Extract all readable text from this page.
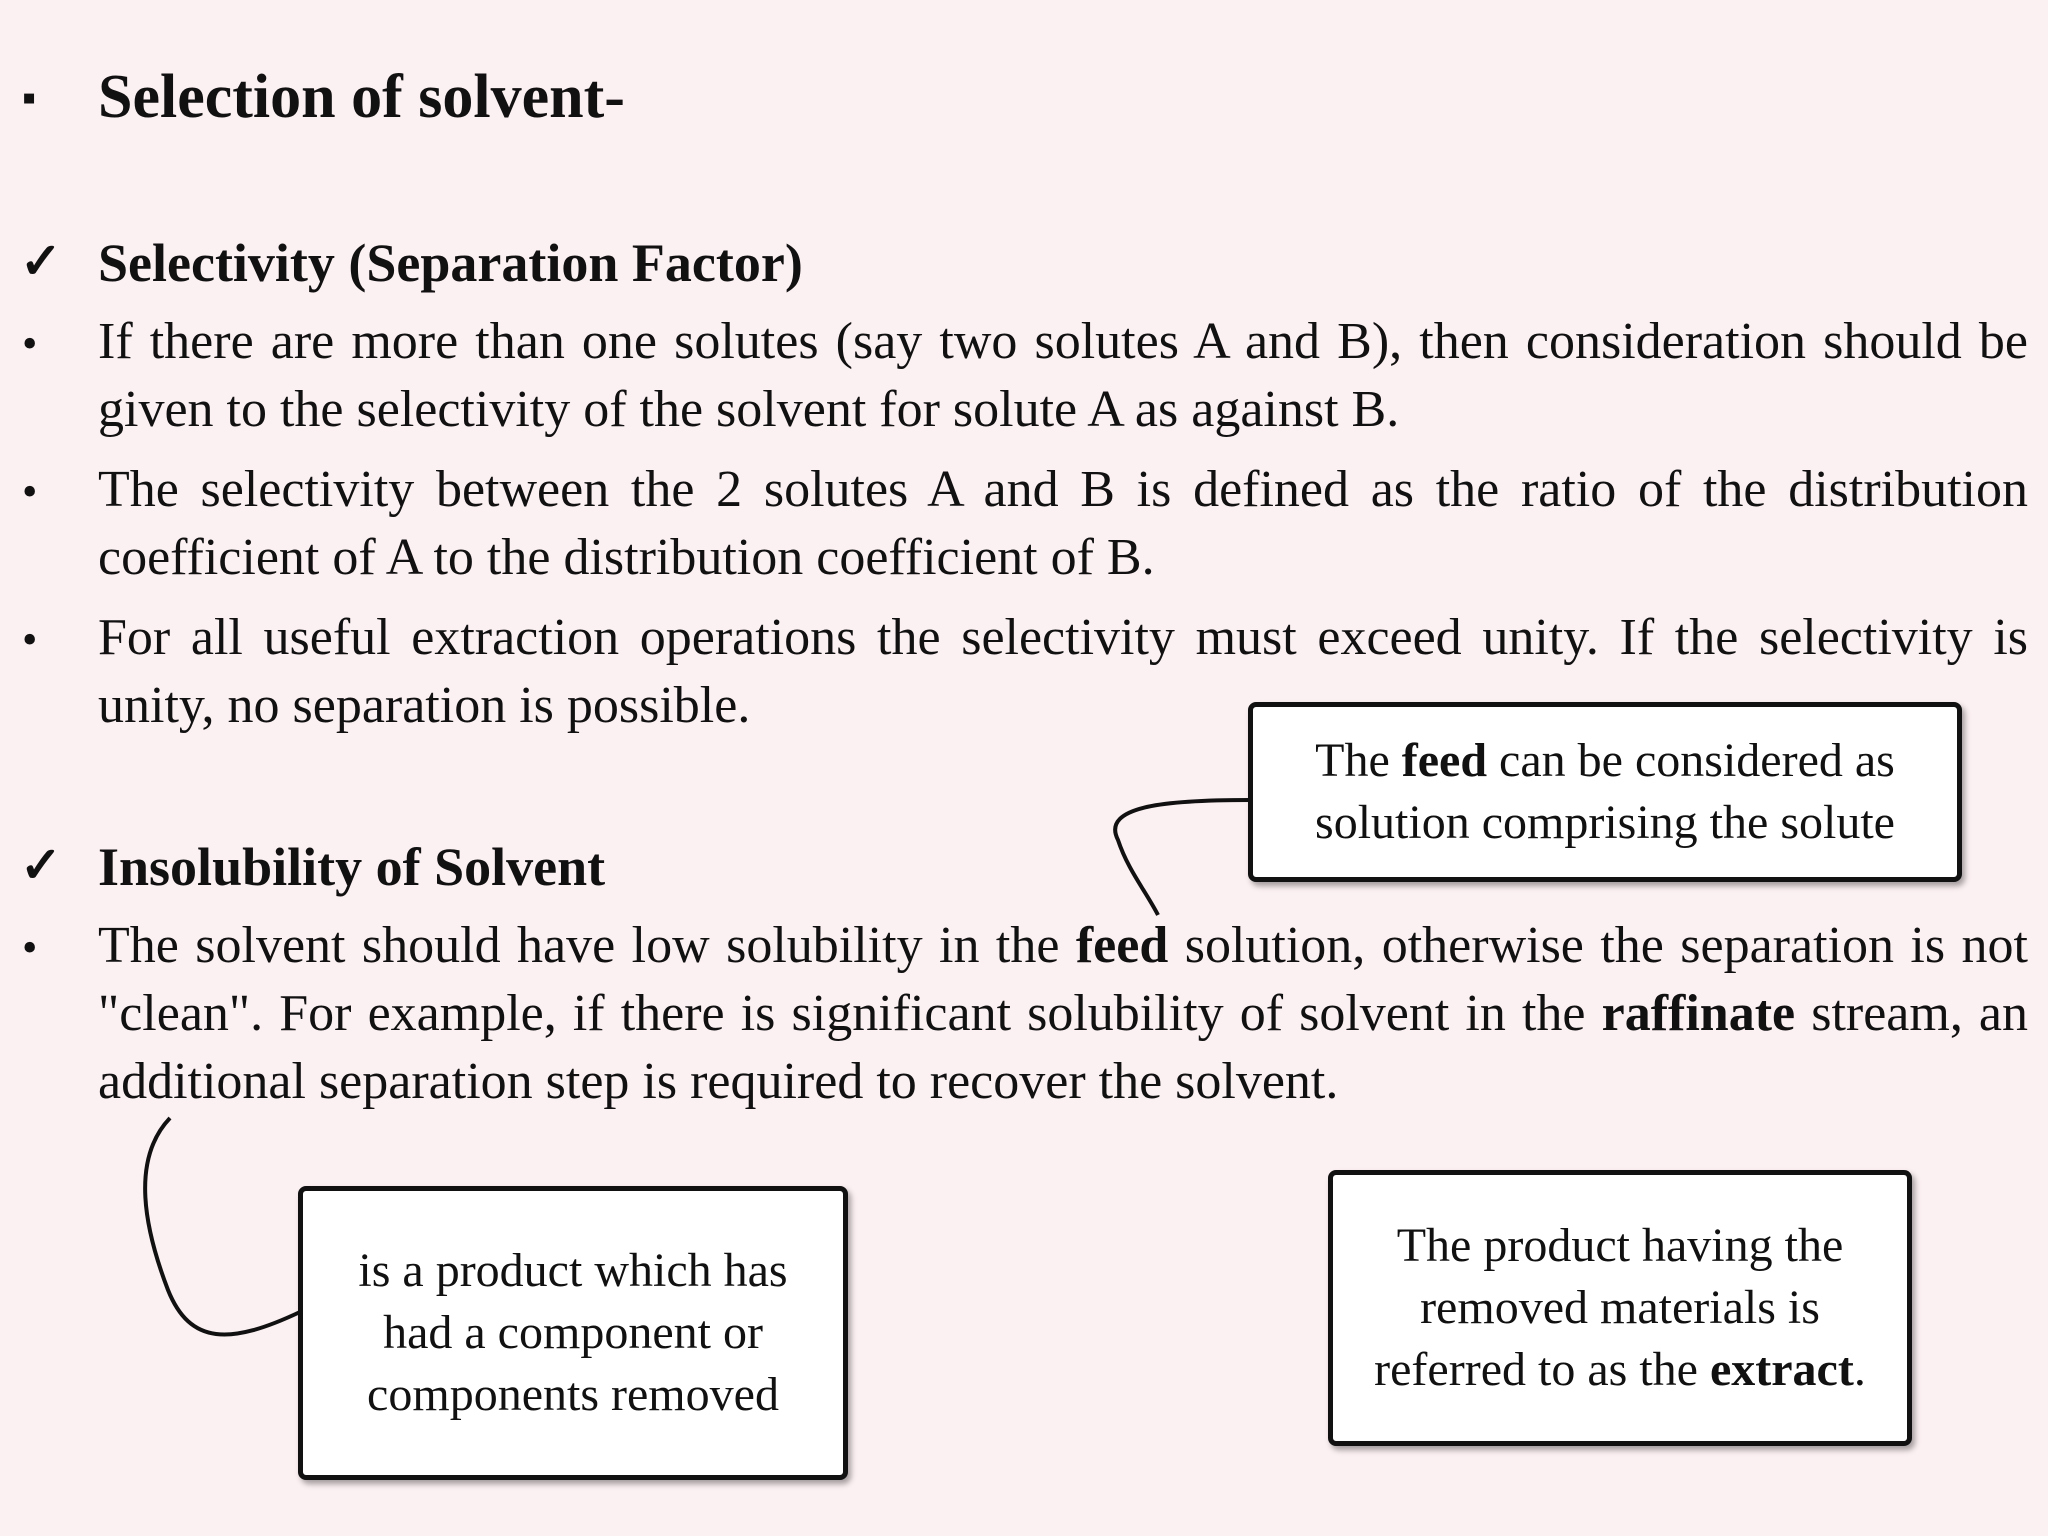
▪ Selection of solvent-
✓ Selectivity (Separation Factor)
• If there are more than one solutes (say two solutes A and B), then consideration should be given to the selectivity of the solvent for solute A as against B.
• The selectivity between the 2 solutes A and B is defined as the ratio of the distribution coefficient of A to the distribution coefficient of B.
• For all useful extraction operations the selectivity must exceed unity. If the selectivity is unity, no separation is possible.
✓ Insolubility of Solvent
• The solvent should have low solubility in the feed solution, otherwise the separation is not "clean". For example, if there is significant solubility of solvent in the raffinate stream, an additional separation step is required to recover the solvent.
The feed can be considered as solution comprising the solute
is a product which has had a component or components removed
The product having the removed materials is referred to as the extract.
